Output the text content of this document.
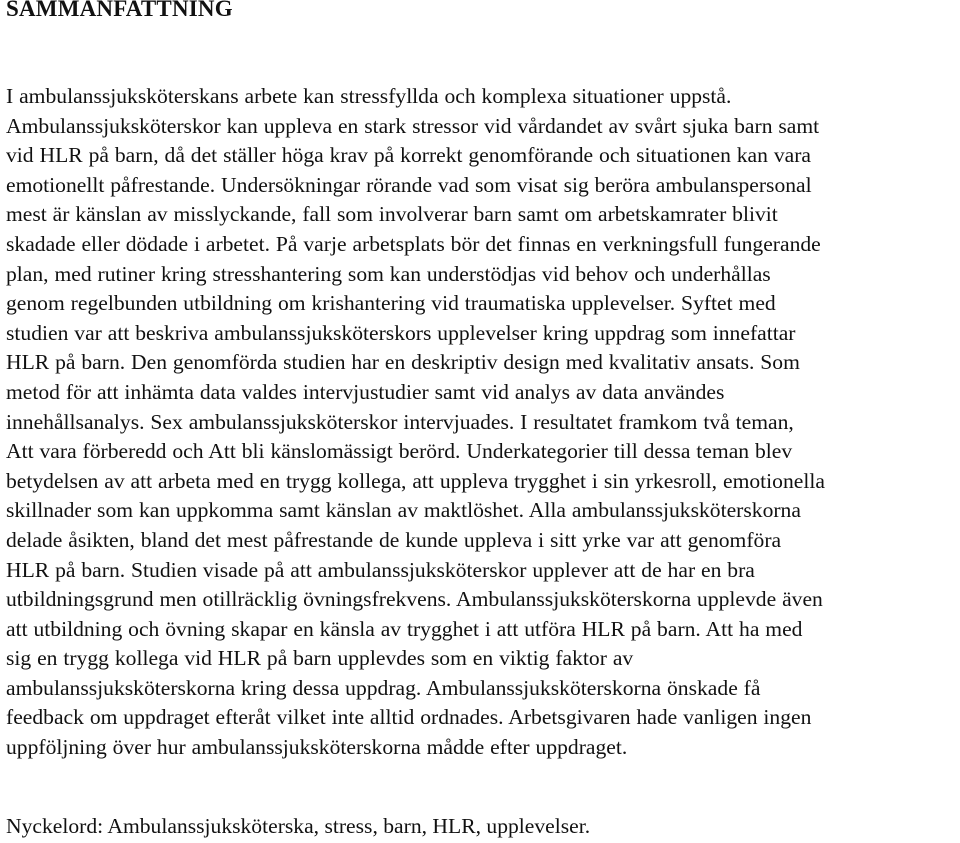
SAMMANFATTNING

I ambulanssjuksköterskans arbete kan stressfyllda och komplexa situationer uppstå.
Ambulanssjuksköterskor kan uppleva en stark stressor vid vårdandet av svårt sjuka barn samt
vid HLR på barn, då det ställer höga krav på korrekt genomförande och situationen kan vara
emotionellt påfrestande. Undersökningar rörande vad som visat sig beröra ambulanspersonal
mest är känslan av misslyckande, fall som involverar barn samt om arbetskamrater blivit
skadade eller dödade i arbetet. På varje arbetsplats bör det finnas en verkningsfull fungerande
plan, med rutiner kring stresshantering som kan understödjas vid behov och underhållas
genom regelbunden utbildning om krishantering vid traumatiska upplevelser. Syftet med
studien var att beskriva ambulanssjuksköterskors upplevelser kring uppdrag som innefattar
HLR på barn. Den genomförda studien har en deskriptiv design med kvalitativ ansats. Som
metod för att inhämta data valdes intervjustudier samt vid analys av data användes
innehållsanalys. Sex ambulanssjuksköterskor intervjuades. I resultatet framkom två teman,
Att vara förberedd och Att bli känslomässigt berörd. Underkategorier till dessa teman blev
betydelsen av att arbeta med en trygg kollega, att uppleva trygghet i sin yrkesroll, emotionella
skillnader som kan uppkomma samt känslan av maktlöshet. Alla ambulanssjuksköterskorna
delade åsikten, bland det mest påfrestande de kunde uppleva i sitt yrke var att genomföra
HLR på barn. Studien visade på att ambulanssjuksköterskor upplever att de har en bra
utbildningsgrund men otillräcklig övningsfrekvens. Ambulanssjuksköterskorna upplevde även
att utbildning och övning skapar en känsla av trygghet i att utföra HLR på barn. Att ha med
sig en trygg kollega vid HLR på barn upplevdes som en viktig faktor av
ambulanssjuksköterskorna kring dessa uppdrag. Ambulanssjuksköterskorna önskade få
feedback om uppdraget efteråt vilket inte alltid ordnades. Arbetsgivaren hade vanligen ingen
uppföljning över hur ambulanssjuksköterskorna mådde efter uppdraget.

Nyckelord: Ambulanssjuksköterska, stress, barn, HLR, upplevelser.
